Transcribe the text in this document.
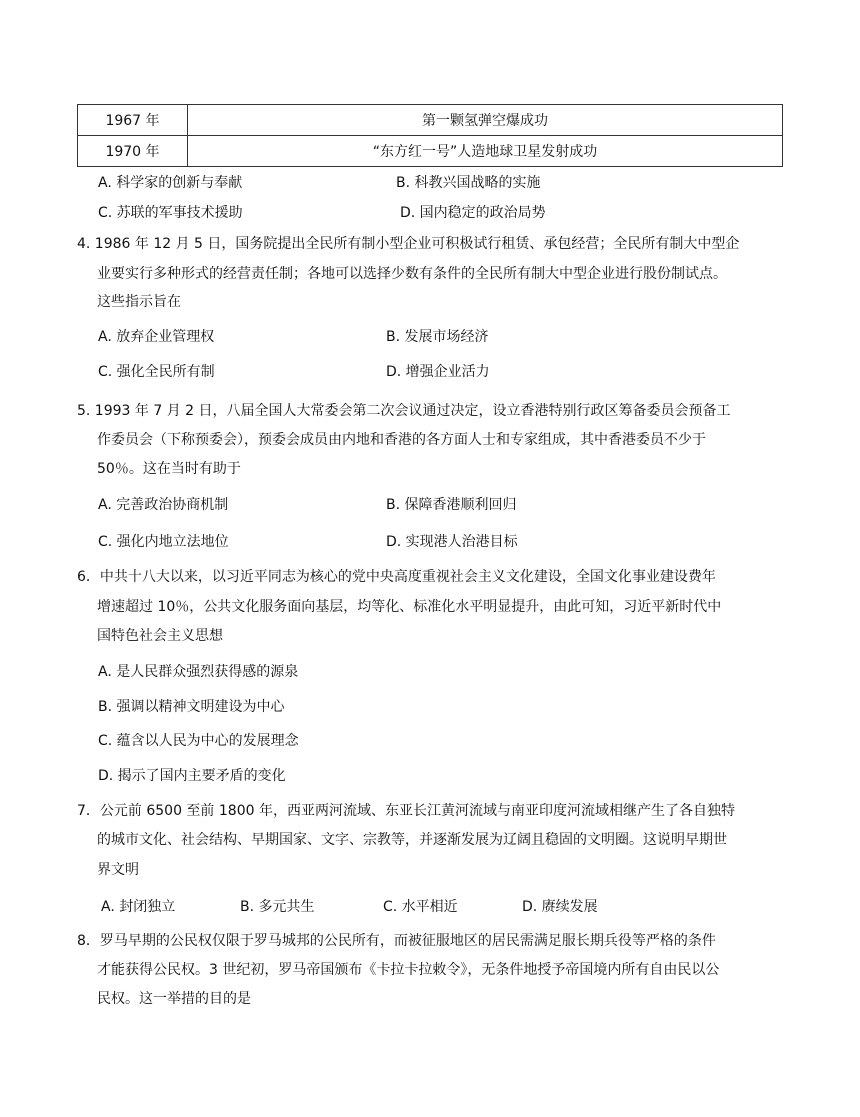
1967 年	第一颗氢弹空爆成功
1970 年	“东方红一号”人造地球卫星发射成功
A. 科学家的创新与奉献	B. 科教兴国战略的实施
C. 苏联的军事技术援助	D. 国内稳定的政治局势
4. 1986 年 12 月 5 日，国务院提出全民所有制小型企业可积极试行租赁、承包经营；全民所有制大中型企
业要实行多种形式的经营责任制；各地可以选择少数有条件的全民所有制大中型企业进行股份制试点。
这些指示旨在
A. 放弃企业管理权	B. 发展市场经济
C. 强化全民所有制	D. 增强企业活力
5. 1993 年 7 月 2 日，八届全国人大常委会第二次会议通过决定，设立香港特别行政区筹备委员会预备工
作委员会（下称预委会），预委会成员由内地和香港的各方面人士和专家组成，其中香港委员不少于
50％。这在当时有助于
A. 完善政治协商机制	B. 保障香港顺利回归
C. 强化内地立法地位	D. 实现港人治港目标
6．中共十八大以来，以习近平同志为核心的党中央高度重视社会主义文化建设，全国文化事业建设费年
增速超过 10％，公共文化服务面向基层，均等化、标准化水平明显提升，由此可知，习近平新时代中
国特色社会主义思想
A. 是人民群众强烈获得感的源泉
B. 强调以精神文明建设为中心
C. 蕴含以人民为中心的发展理念
D. 揭示了国内主要矛盾的变化
7．公元前 6500 至前 1800 年，西亚两河流域、东亚长江黄河流域与南亚印度河流域相继产生了各自独特
的城市文化、社会结构、早期国家、文字、宗教等，并逐渐发展为辽阔且稳固的文明圈。这说明早期世
界文明
A. 封闭独立	B. 多元共生	C. 水平相近	D. 赓续发展
8．罗马早期的公民权仅限于罗马城邦的公民所有，而被征服地区的居民需满足服长期兵役等严格的条件
才能获得公民权。3 世纪初，罗马帝国颁布《卡拉卡拉敕令》，无条件地授予帝国境内所有自由民以公
民权。这一举措的目的是
